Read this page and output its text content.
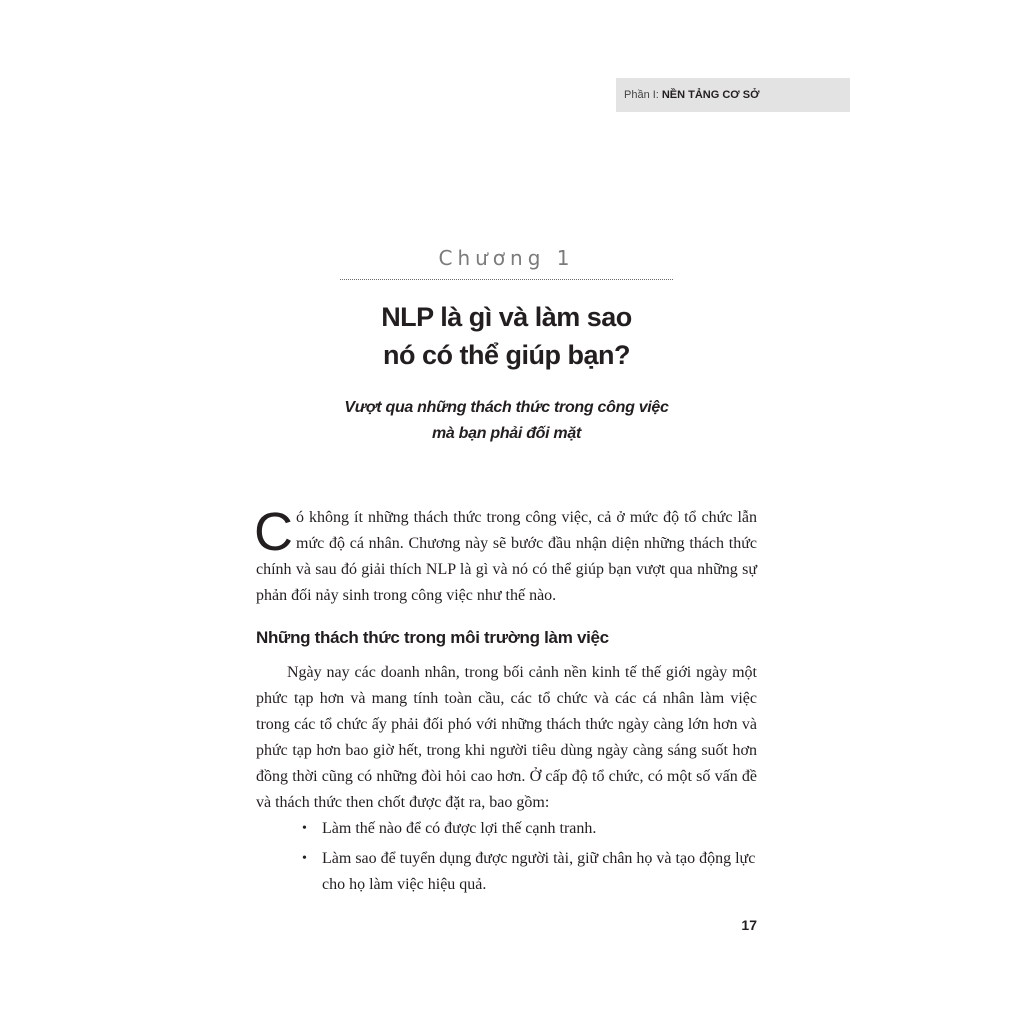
Phần I: NỀN TẢNG CƠ SỞ
Chương 1
NLP là gì và làm sao
nó có thể giúp bạn?
Vượt qua những thách thức trong công việc
mà bạn phải đối mặt

Có không ít những thách thức trong công việc, cả ở mức độ tổ chức lẫn mức độ cá nhân. Chương này sẽ bước đầu nhận diện những thách thức chính và sau đó giải thích NLP là gì và nó có thể giúp bạn vượt qua những sự phản đối nảy sinh trong công việc như thế nào.

Những thách thức trong môi trường làm việc

Ngày nay các doanh nhân, trong bối cảnh nền kinh tế thế giới ngày một phức tạp hơn và mang tính toàn cầu, các tổ chức và các cá nhân làm việc trong các tổ chức ấy phải đối phó với những thách thức ngày càng lớn hơn và phức tạp hơn bao giờ hết, trong khi người tiêu dùng ngày càng sáng suốt hơn đồng thời cũng có những đòi hỏi cao hơn. Ở cấp độ tổ chức, có một số vấn đề và thách thức then chốt được đặt ra, bao gồm:

• Làm thế nào để có được lợi thế cạnh tranh.
• Làm sao để tuyển dụng được người tài, giữ chân họ và tạo động lực cho họ làm việc hiệu quả.
17
